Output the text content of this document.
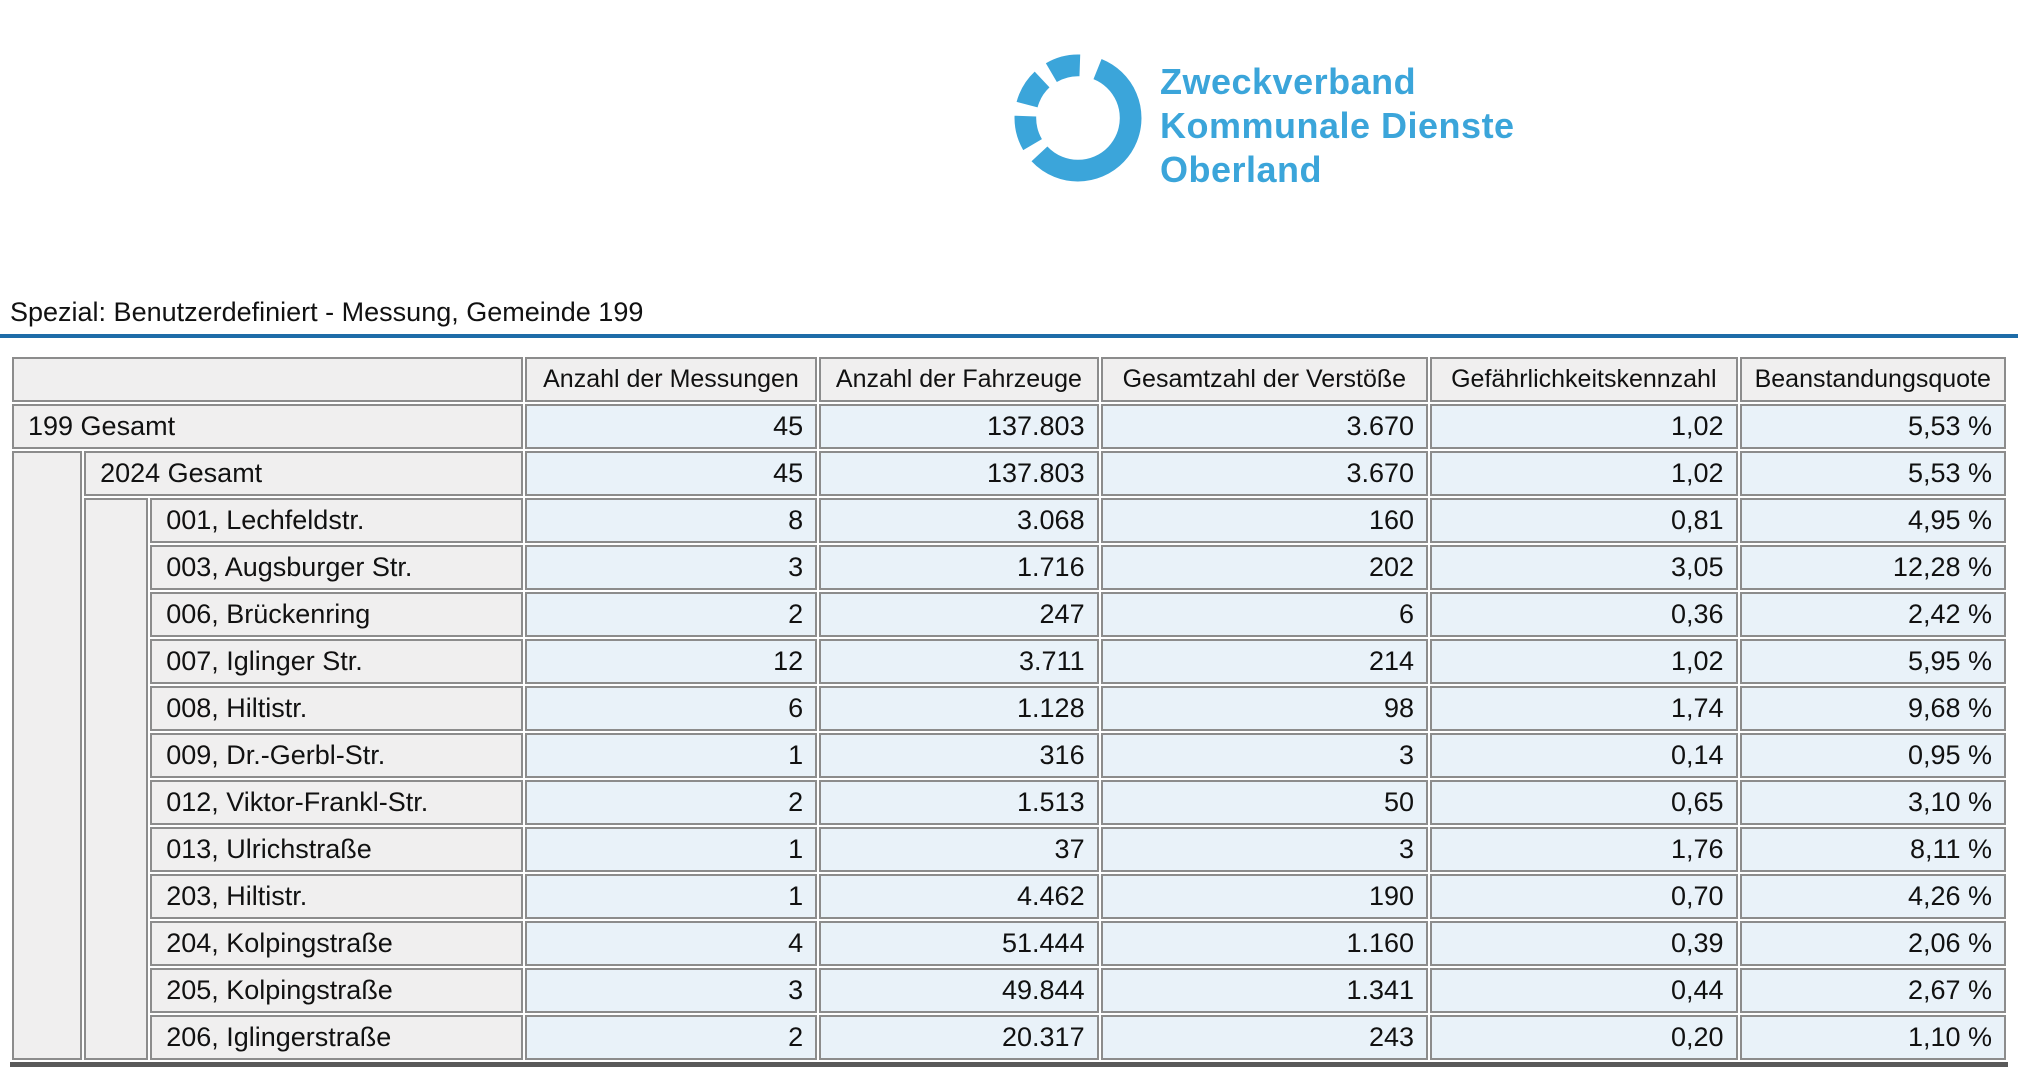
Zweckverband
Kommunale Dienste
Oberland
Spezial: Benutzerdefiniert - Messung, Gemeinde 199
			Anzahl der Messungen	Anzahl der Fahrzeuge	Gesamtzahl der Verstöße	Gefährlichkeitskennzahl	Beanstandungsquote
199 Gesamt			45	137.803	3.670	1,02	5,53 %
	2024 Gesamt		45	137.803	3.670	1,02	5,53 %
		001, Lechfeldstr.	8	3.068	160	0,81	4,95 %
		003, Augsburger Str.	3	1.716	202	3,05	12,28 %
		006, Brückenring	2	247	6	0,36	2,42 %
		007, Iglinger Str.	12	3.711	214	1,02	5,95 %
		008, Hiltistr.	6	1.128	98	1,74	9,68 %
		009, Dr.-Gerbl-Str.	1	316	3	0,14	0,95 %
		012, Viktor-Frankl-Str.	2	1.513	50	0,65	3,10 %
		013, Ulrichstraße	1	37	3	1,76	8,11 %
		203, Hiltistr.	1	4.462	190	0,70	4,26 %
		204, Kolpingstraße	4	51.444	1.160	0,39	2,06 %
		205, Kolpingstraße	3	49.844	1.341	0,44	2,67 %
		206, Iglingerstraße	2	20.317	243	0,20	1,10 %
